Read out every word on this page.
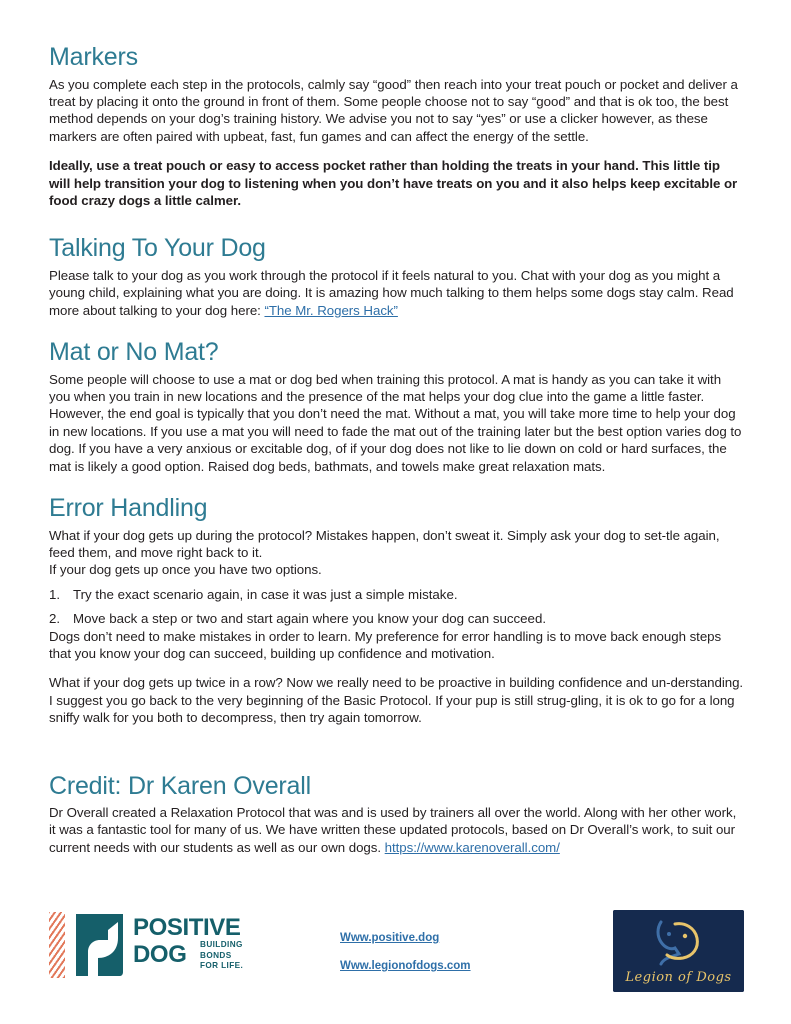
Markers

As you complete each step in the protocols, calmly say “good” then reach into your treat pouch or pocket and deliver a treat by placing it onto the ground in front of them. Some people choose not to say “good” and that is ok too, the best method depends on your dog’s training history. We advise you not to say “yes” or use a clicker however, as these markers are often paired with upbeat, fast, fun games and can affect the energy of the settle.

Ideally, use a treat pouch or easy to access pocket rather than holding the treats in your hand. This little tip will help transition your dog to listening when you don’t have treats on you and it also helps keep excitable or food crazy dogs a little calmer.

Talking To Your Dog

Please talk to your dog as you work through the protocol if it feels natural to you. Chat with your dog as you might a young child, explaining what you are doing. It is amazing how much talking to them helps some dogs stay calm. Read more about talking to your dog here: “The Mr. Rogers Hack”

Mat or No Mat?

Some people will choose to use a mat or dog bed when training this protocol. A mat is handy as you can take it with you when you train in new locations and the presence of the mat helps your dog clue into the game a little faster. However, the end goal is typically that you don’t need the mat. Without a mat, you will take more time to help your dog in new locations. If you use a mat you will need to fade the mat out of the training later but the best option varies dog to dog. If you have a very anxious or excitable dog, of if your dog does not like to lie down on cold or hard surfaces, the mat is likely a good option. Raised dog beds, bathmats, and towels make great relaxation mats.

Error Handling

What if your dog gets up during the protocol? Mistakes happen, don’t sweat it. Simply ask your dog to set-tle again, feed them, and move right back to it.

If your dog gets up once you have two options.

1. Try the exact scenario again, in case it was just a simple mistake.
2. Move back a step or two and start again where you know your dog can succeed.

Dogs don’t need to make mistakes in order to learn. My preference for error handling is to move back enough steps that you know your dog can succeed, building up confidence and motivation.

What if your dog gets up twice in a row? Now we really need to be proactive in building confidence and un-derstanding. I suggest you go back to the very beginning of the Basic Protocol. If your pup is still strug-gling, it is ok to go for a long sniffy walk for you both to decompress, then try again tomorrow.

Credit: Dr Karen Overall

Dr Overall created a Relaxation Protocol that was and is used by trainers all over the world. Along with her other work, it was a fantastic tool for many of us. We have written these updated protocols, based on Dr Overall’s work, to suit our current needs with our students as well as our own dogs. https://www.karenoverall.com/

POSITIVE
DOG	BUILDING
BONDS
FOR LIFE.
Www.positive.dog
Www.legionofdogs.com
Legion of Dogs
